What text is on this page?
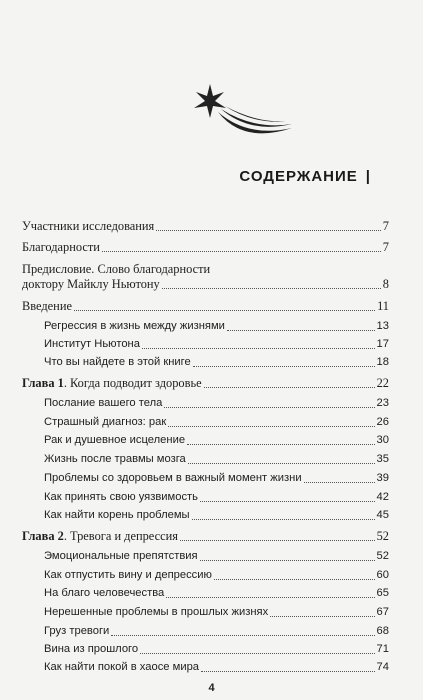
СОДЕРЖАНИЕ |
Участники исследования	7
Благодарности	7
Предисловие. Слово благодарности
доктору Майклу Ньютону	8
Введение	11
Регрессия в жизнь между жизнями	13
Институт Ньютона	17
Что вы найдете в этой книге	18
Глава 1 . Когда подводит здоровье	22
Послание вашего тела	23
Страшный диагноз: рак	26
Рак и душевное исцеление	30
Жизнь после травмы мозга	35
Проблемы со здоровьем в важный момент жизни	39
Как принять свою уязвимость	42
Как найти корень проблемы	45
Глава 2 . Тревога и депрессия	52
Эмоциональные препятствия	52
Как отпустить вину и депрессию	60
На благо человечества	65
Нерешенные проблемы в прошлых жизнях	67
Груз тревоги	68
Вина из прошлого	71
Как найти покой в хаосе мира	74
4
